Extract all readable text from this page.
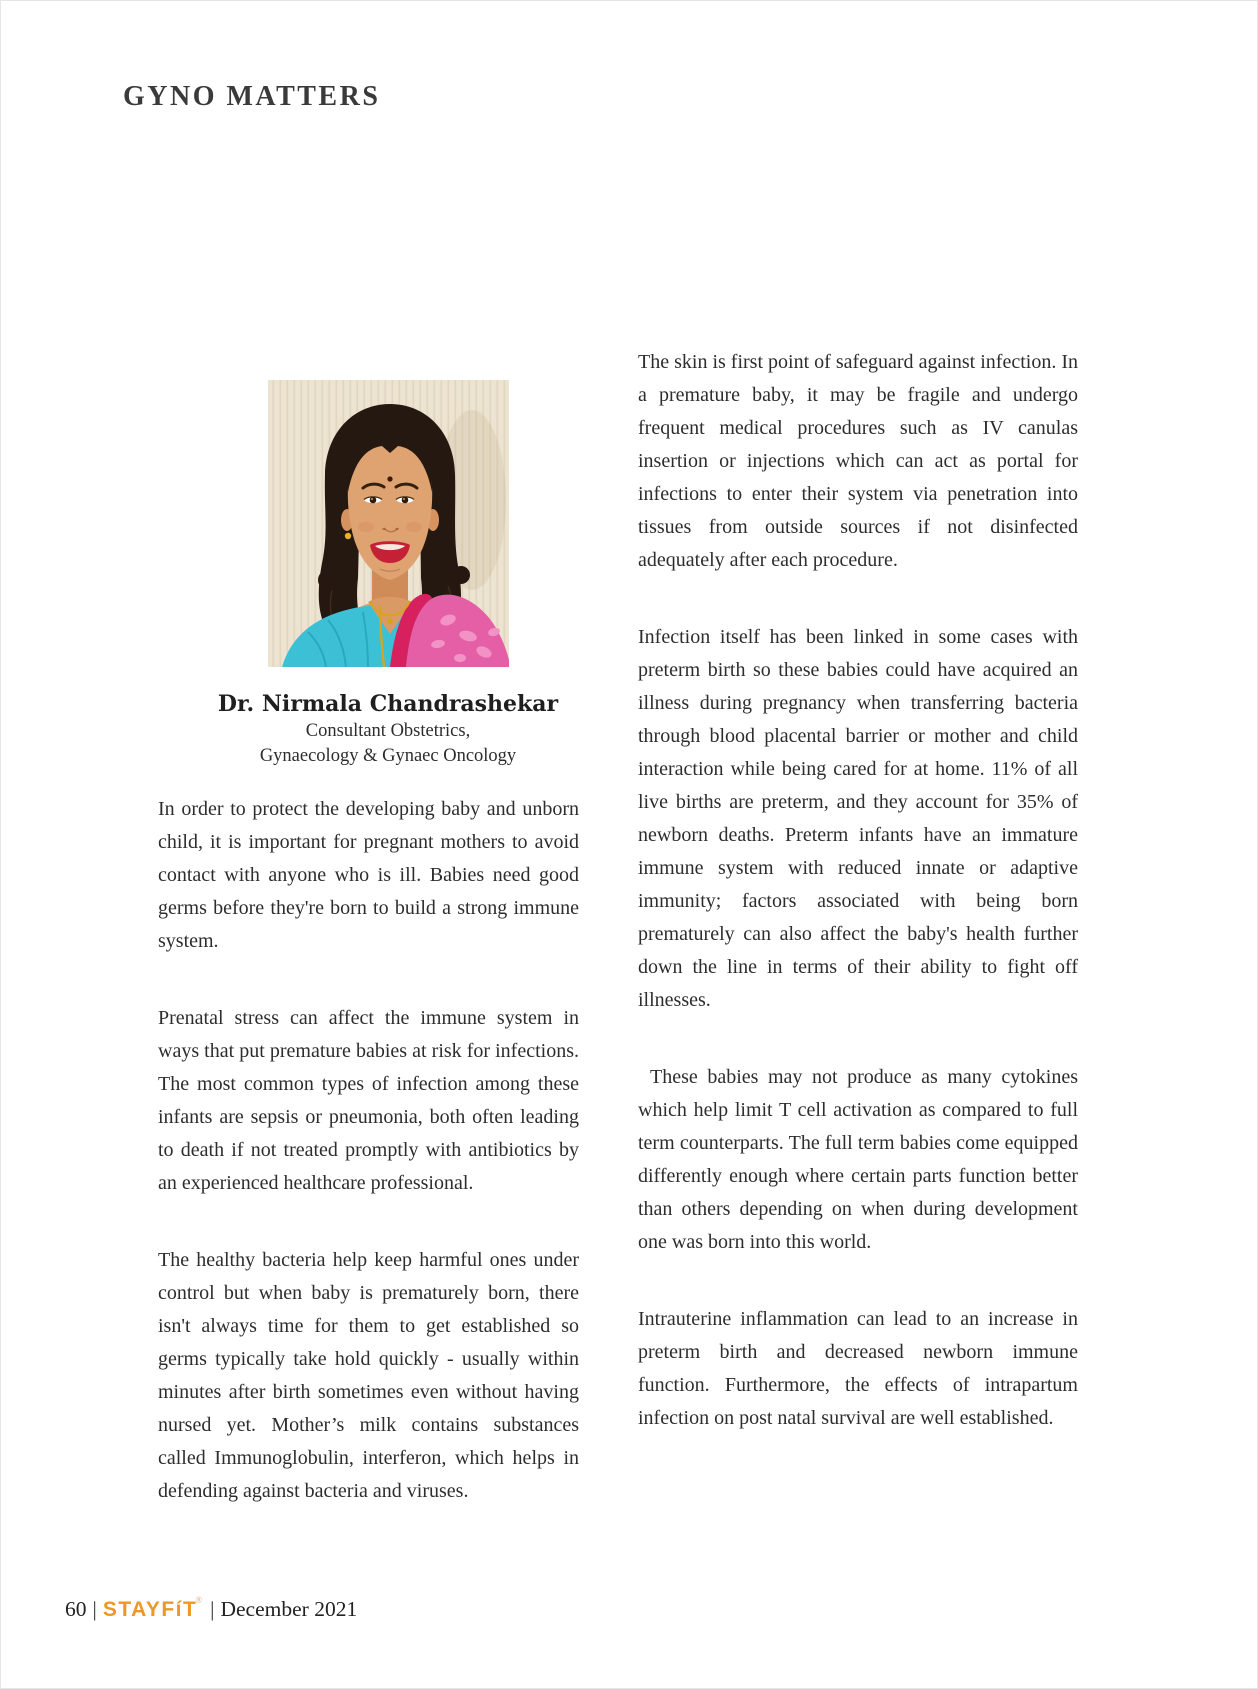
GYNO MATTERS
Dr. Nirmala Chandrashekar
Consultant Obstetrics,
Gynaecology & Gynaec Oncology

In order to protect the developing baby and unborn child, it is important for pregnant mothers to avoid contact with anyone who is ill. Babies need good germs before they're born to build a strong immune system.

Prenatal stress can affect the immune system in ways that put premature babies at risk for infections. The most common types of infection among these infants are sepsis or pneumonia, both often leading to death if not treated promptly with antibiotics by an experienced healthcare professional.

The healthy bacteria help keep harmful ones under control but when baby is prematurely born, there isn't always time for them to get established so germs typically take hold quickly - usually within minutes after birth sometimes even without having nursed yet. Mother’s milk contains substances called Immunoglobulin, interferon, which helps in defending against bacteria and viruses.

The skin is first point of safeguard against infection. In a premature baby, it may be fragile and undergo frequent medical procedures such as IV canulas insertion or injections which can act as portal for infections to enter their system via penetration into tissues from outside sources if not disinfected adequately after each procedure.

Infection itself has been linked in some cases with preterm birth so these babies could have acquired an illness during pregnancy when transferring bacteria through blood placental barrier or mother and child interaction while being cared for at home. 11% of all live births are preterm, and they account for 35% of newborn deaths. Preterm infants have an immature immune system with reduced innate or adaptive immunity; factors associated with being born prematurely can also affect the baby's health further down the line in terms of their ability to fight off illnesses.

These babies may not produce as many cytokines which help limit T cell activation as compared to full term counterparts. The full term babies come equipped differently enough where certain parts function better than others depending on when during development one was born into this world.

Intrauterine inflammation can lead to an increase in preterm birth and decreased newborn immune function. Furthermore, the effects of intrapartum infection on post natal survival are well established.

60 | STAYFíT® | December 2021
